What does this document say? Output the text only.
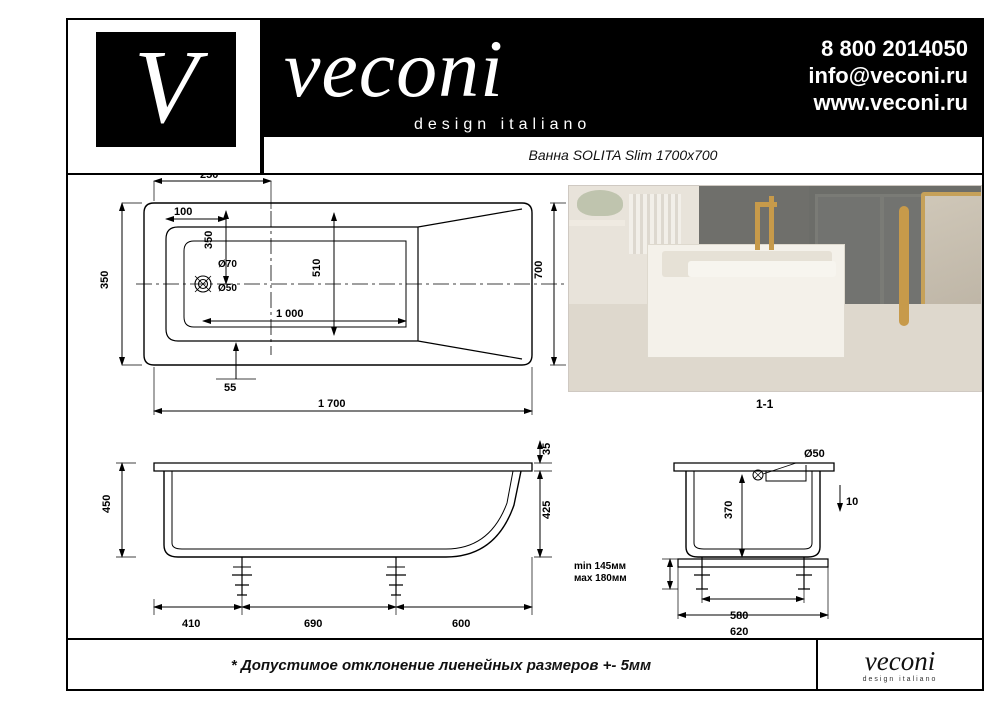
V veconi
design italiano
8 800 2014050
info@veconi.ru
www.veconi.ru
Ванна SOLITA Slim 1700x700
1-1
250
100
350
510
1 000
350
55
1 700
700
Ø70
Ø50
450	425
35
410	690	600
370	10
Ø50
580
620
min 145мм
мах 180мм
* Допустимое отклонение лиенейных размеров +- 5мм	veconi
design italiano
